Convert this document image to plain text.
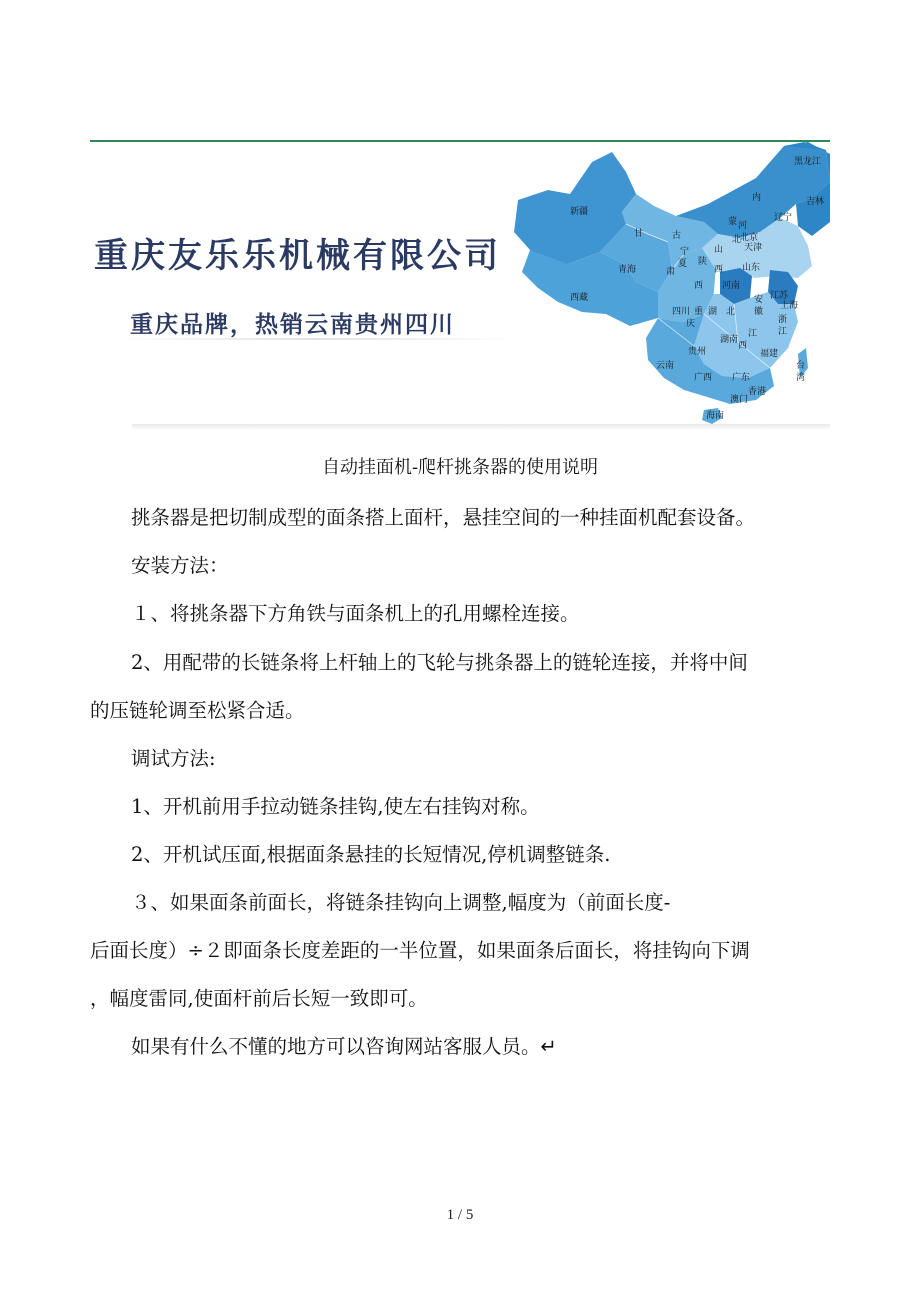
重庆友乐乐机械有限公司
重庆品牌，热销云南贵州四川
黑龙江
吉林
辽宁
内
蒙
新疆
西藏
青海
甘	古
宁
夏
肃
陕
西
山
西
河
北
北京
天津
山东
河南
江苏
安
徽
上海
四川 重
庆
湖 北
浙
江
江
西
贵州
湖南
福建
云南
广西 广东
台
湾
香港
澳门
海南
自动挂面机-爬杆挑条器的使用说明
挑条器是把切制成型的面条搭上面杆，悬挂空间的一种挂面机配套设备。
安装方法：
１、将挑条器下方角铁与面条机上的孔用螺栓连接。
2、用配带的长链条将上杆轴上的飞轮与挑条器上的链轮连接，并将中间
的压链轮调至松紧合适。
调试方法:
1、开机前用手拉动链条挂钩,使左右挂钩对称。
2、开机试压面,根据面条悬挂的长短情况,停机调整链条.
３、如果面条前面长，将链条挂钩向上调整,幅度为（前面长度-
后面长度）÷２即面条长度差距的一半位置，如果面条后面长，将挂钩向下调
，幅度雷同,使面杆前后长短一致即可。
如果有什么不懂的地方可以咨询网站客服人员。↵
1 / 5
